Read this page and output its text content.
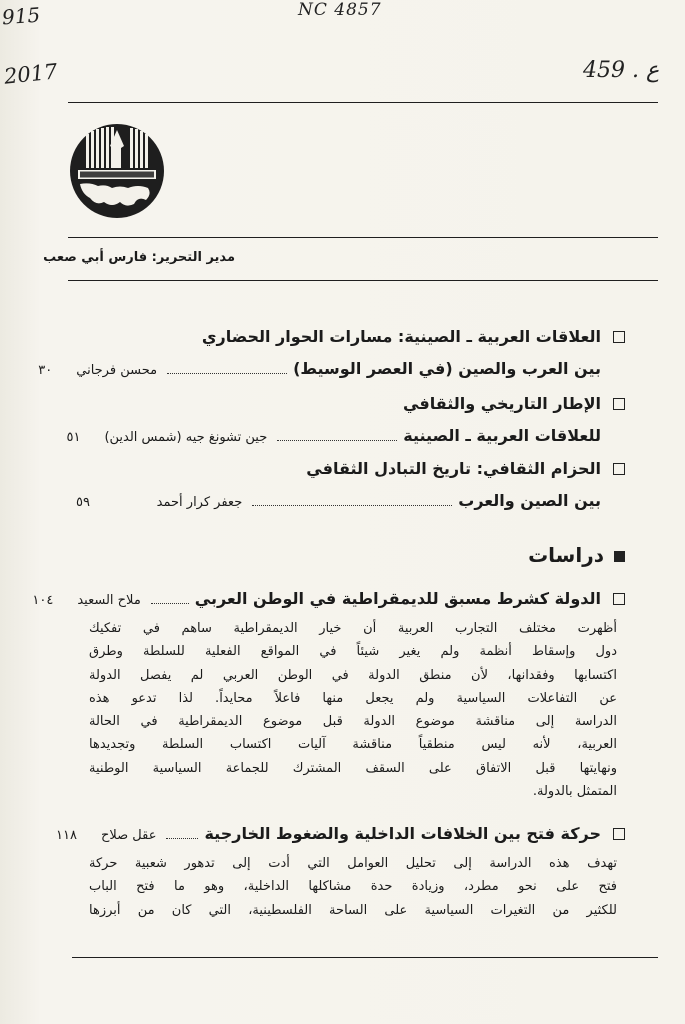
915
2017
NC 4857
459 . ع
مدير التحرير: فارس أبي صعب
العلاقات العربية ـ الصينية: مسارات الحوار الحضاري
بين العرب والصين (في العصر الوسيط)
محسن فرجاني
٣٠
الإطار التاريخي والثقافي
للعلاقات العربية ـ الصينية
جين تشونغ جيه (شمس الدين)
٥١
الحزام الثقافي: تاريخ التبادل الثقافي
بين الصين والعرب
جعفر كرار أحمد
٥٩
دراسات
الدولة كشرط مسبق للديمقراطية في الوطن العربي
ملاح السعيد
١٠٤
أظهرت مختلف التجارب العربية أن خيار الديمقراطية ساهم في تفكيك
دول وإسقاط أنظمة ولم يغير شيئاً في المواقع الفعلية للسلطة وطرق
اكتسابها وفقدانها، لأن منطق الدولة في الوطن العربي لم يفصل الدولة
عن التفاعلات السياسية ولم يجعل منها فاعلاً محايداً. لذا تدعو هذه
الدراسة إلى مناقشة موضوع الدولة قبل موضوع الديمقراطية في الحالة
العربية، لأنه ليس منطقياً مناقشة آليات اكتساب السلطة وتجديدها
ونهايتها قبل الاتفاق على السقف المشترك للجماعة السياسية الوطنية
المتمثل بالدولة.
حركة فتح بين الخلافات الداخلية والضغوط الخارجية
عقل صلاح
١١٨
تهدف هذه الدراسة إلى تحليل العوامل التي أدت إلى تدهور شعبية حركة
فتح على نحو مطرد، وزيادة حدة مشاكلها الداخلية، وهو ما فتح الباب
للكثير من التغيرات السياسية على الساحة الفلسطينية، التي كان من أبرزها
